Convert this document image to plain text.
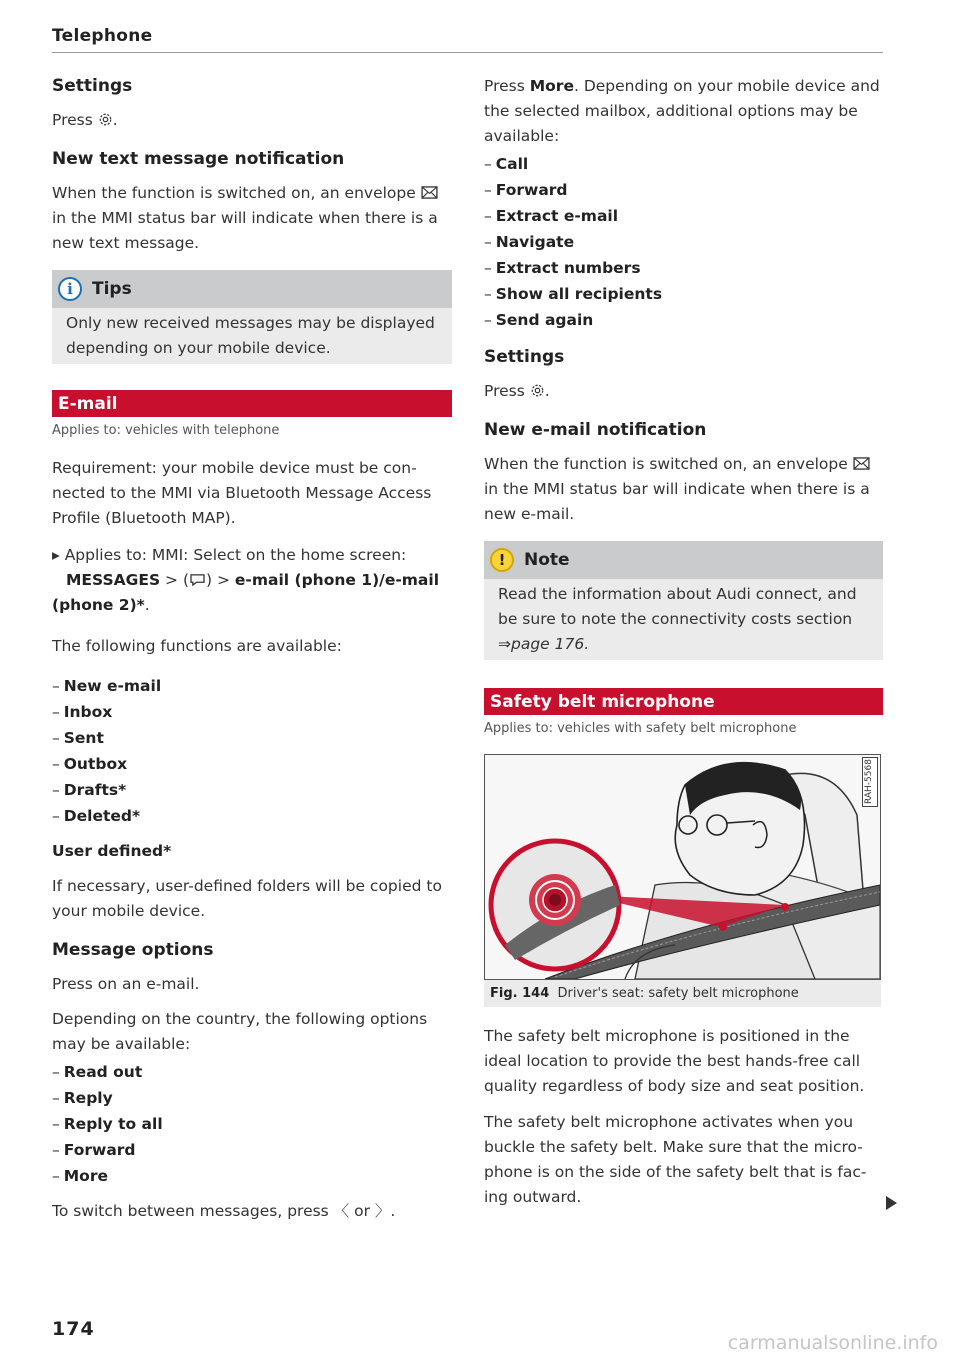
Telephone
Settings

Press .

New text message notification

When the function is switched on, an envelope  in the MMI status bar will indicate when there is a new text message.

i	Tips

Only new received messages may be displayed depending on your mobile device.

E-mail
Applies to: vehicles with telephone

Requirement: your mobile device must be con-nected to the MMI via Bluetooth Message Access Profile (Bluetooth MAP).

▸ Applies to: MMI: Select on the home screen: MESSAGES > ( ) > e-mail (phone 1)/e-mail (phone 2)*.

The following functions are available:

– New e-mail
– Inbox
– Sent
– Outbox
– Drafts*
– Deleted*

User defined*

If necessary, user-defined folders will be copied to your mobile device.

Message options

Press on an e-mail.

Depending on the country, the following options may be available:

– Read out
– Reply
– Reply to all
– Forward
– More

To switch between messages, press 〈 or 〉.

Press More. Depending on your mobile device and the selected mailbox, additional options may be available:

– Call
– Forward
– Extract e-mail
– Navigate
– Extract numbers
– Show all recipients
– Send again
Settings

Press .

New e-mail notification

When the function is switched on, an envelope  in the MMI status bar will indicate when there is a new e-mail.

!	Note

Read the information about Audi connect, and be sure to note the connectivity costs section ⇒page 176.

Safety belt microphone
Applies to: vehicles with safety belt microphone
RAH-5568
Fig. 144
Driver's seat: safety belt microphone

The safety belt microphone is positioned in the ideal location to provide the best hands-free call quality regardless of body size and seat position.

The safety belt microphone activates when you buckle the safety belt. Make sure that the micro-phone is on the side of the safety belt that is fac-ing outward.

174
carmanualsonline.info
